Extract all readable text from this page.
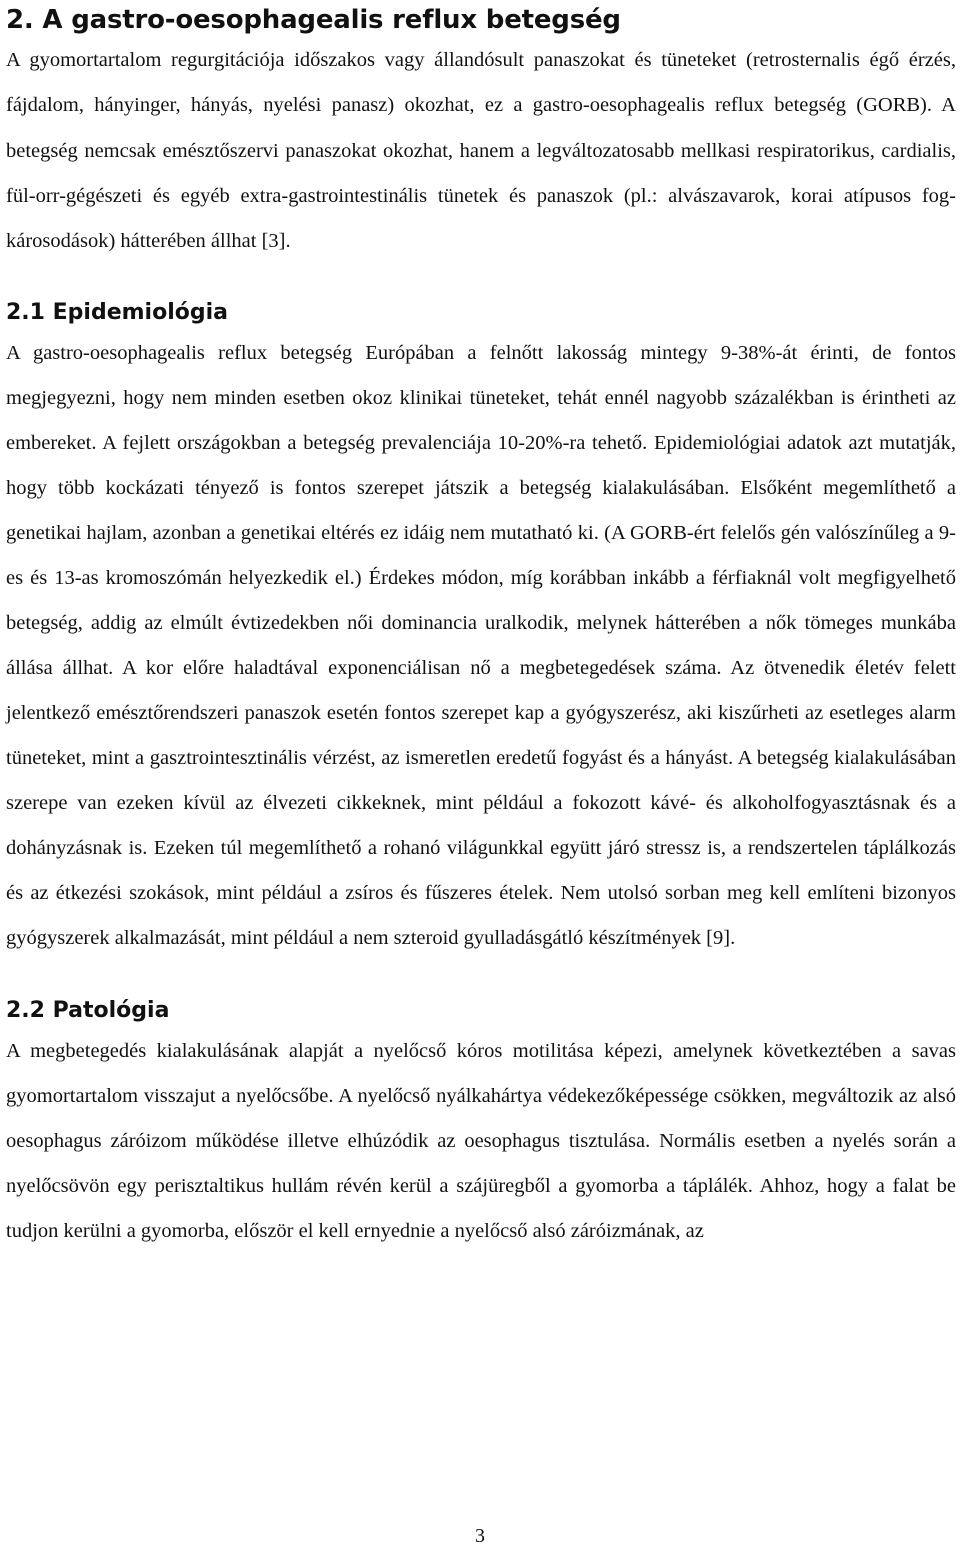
2. A gastro-oesophagealis reflux betegség

A gyomortartalom regurgitációja időszakos vagy állandósult panaszokat és tüneteket (retrosternalis égő érzés, fájdalom, hányinger, hányás, nyelési panasz) okozhat, ez a gastro-oesophagealis reflux betegség (GORB). A betegség nemcsak emésztőszervi panaszokat okozhat, hanem a legváltozatosabb mellkasi respiratorikus, cardialis, fül-orr-gégészeti és egyéb extra-gastrointestinális tünetek és panaszok (pl.: alvászavarok, korai atípusos fog-károsodások) hátterében állhat [3].

2.1 Epidemiológia

A gastro-oesophagealis reflux betegség Európában a felnőtt lakosság mintegy 9-38%-át érinti, de fontos megjegyezni, hogy nem minden esetben okoz klinikai tüneteket, tehát ennél nagyobb százalékban is érintheti az embereket. A fejlett országokban a betegség prevalenciája 10-20%-ra tehető. Epidemiológiai adatok azt mutatják, hogy több kockázati tényező is fontos szerepet játszik a betegség kialakulásában. Elsőként megemlíthető a genetikai hajlam, azonban a genetikai eltérés ez idáig nem mutatható ki. (A GORB-ért felelős gén valószínűleg a 9-es és 13-as kromoszómán helyezkedik el.) Érdekes módon, míg korábban inkább a férfiaknál volt megfigyelhető betegség, addig az elmúlt évtizedekben női dominancia uralkodik, melynek hátterében a nők tömeges munkába állása állhat. A kor előre haladtával exponenciálisan nő a megbetegedések száma. Az ötvenedik életév felett jelentkező emésztőrendszeri panaszok esetén fontos szerepet kap a gyógyszerész, aki kiszűrheti az esetleges alarm tüneteket, mint a gasztrointesztinális vérzést, az ismeretlen eredetű fogyást és a hányást. A betegség kialakulásában szerepe van ezeken kívül az élvezeti cikkeknek, mint például a fokozott kávé- és alkoholfogyasztásnak és a dohányzásnak is. Ezeken túl megemlíthető a rohanó világunkkal együtt járó stressz is, a rendszertelen táplálkozás és az étkezési szokások, mint például a zsíros és fűszeres ételek. Nem utolsó sorban meg kell említeni bizonyos gyógyszerek alkalmazását, mint például a nem szteroid gyulladásgátló készítmények [9].

2.2 Patológia

A megbetegedés kialakulásának alapját a nyelőcső kóros motilitása képezi, amelynek következtében a savas gyomortartalom visszajut a nyelőcsőbe. A nyelőcső nyálkahártya védekezőképessége csökken, megváltozik az alsó oesophagus záróizom működése illetve elhúzódik az oesophagus tisztulása. Normális esetben a nyelés során a nyelőcsövön egy perisztaltikus hullám révén kerül a szájüregből a gyomorba a táplálék. Ahhoz, hogy a falat be tudjon kerülni a gyomorba, először el kell ernyednie a nyelőcső alsó záróizmának, az

3
